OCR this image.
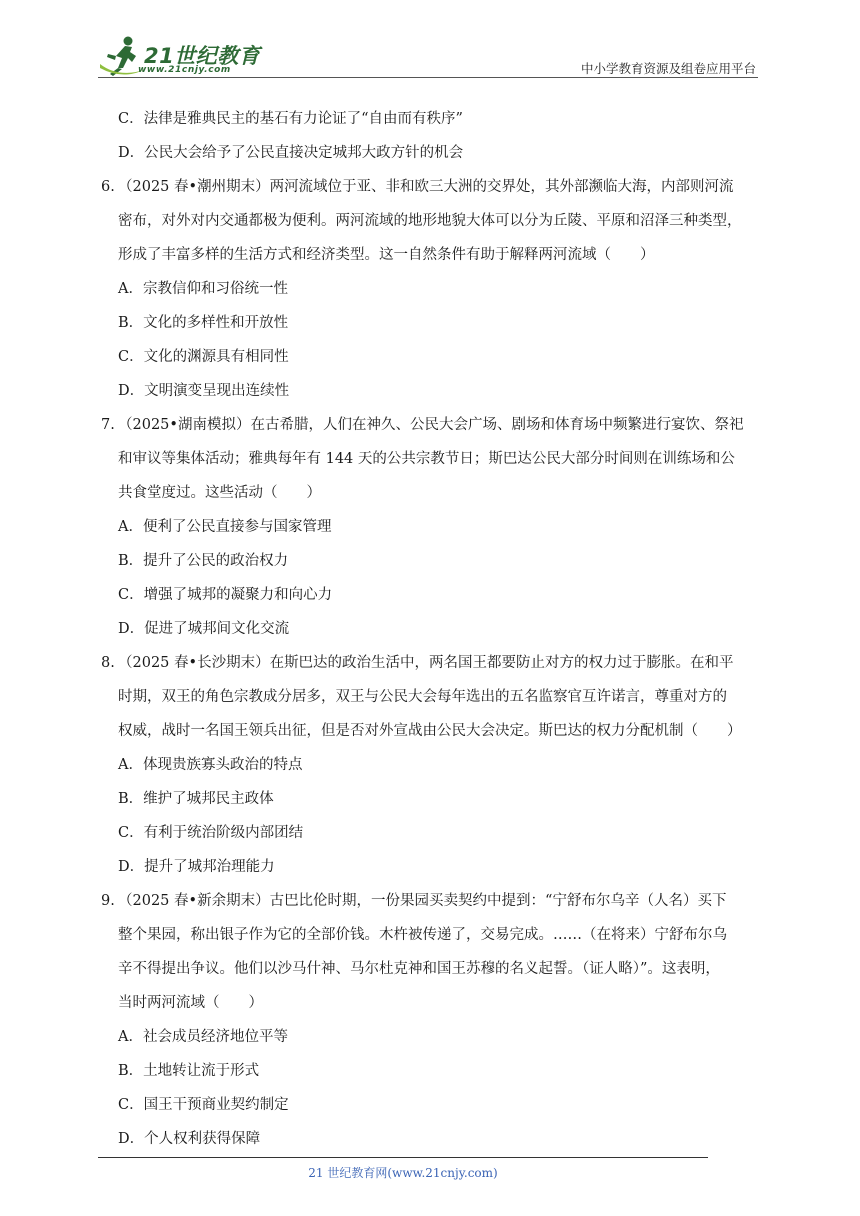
21世纪教育
www.21cnjy.com	中小学教育资源及组卷应用平台
C．法律是雅典民主的基石有力论证了“自由而有秩序”
D．公民大会给予了公民直接决定城邦大政方针的机会
6. （2025 春•潮州期末）两河流域位于亚、非和欧三大洲的交界处，其外部濒临大海，内部则河流
密布，对外对内交通都极为便利。两河流域的地形地貌大体可以分为丘陵、平原和沼泽三种类型，
形成了丰富多样的生活方式和经济类型。这一自然条件有助于解释两河流域（　　）
A．宗教信仰和习俗统一性
B．文化的多样性和开放性
C．文化的渊源具有相同性
D．文明演变呈现出连续性
7. （2025•湖南模拟）在古希腊，人们在神久、公民大会广场、剧场和体育场中频繁进行宴饮、祭祀
和审议等集体活动；雅典每年有 144 天的公共宗教节日；斯巴达公民大部分时间则在训练场和公
共食堂度过。这些活动（　　）
A．便利了公民直接参与国家管理
B．提升了公民的政治权力
C．增强了城邦的凝聚力和向心力
D．促进了城邦间文化交流
8. （2025 春•长沙期末）在斯巴达的政治生活中，两名国王都要防止对方的权力过于膨胀。在和平
时期，双王的角色宗教成分居多，双王与公民大会每年选出的五名监察官互许诺言，尊重对方的
权威，战时一名国王领兵出征，但是否对外宣战由公民大会决定。斯巴达的权力分配机制（　　）
A．体现贵族寡头政治的特点
B．维护了城邦民主政体
C．有利于统治阶级内部团结
D．提升了城邦治理能力
9. （2025 春•新余期末）古巴比伦时期，一份果园买卖契约中提到：“宁舒布尔乌辛（人名）买下
整个果园，称出银子作为它的全部价钱。木杵被传递了，交易完成。……（在将来）宁舒布尔乌
辛不得提出争议。他们以沙马什神、马尔杜克神和国王苏穆的名义起誓。（证人略）”。这表明，
当时两河流域（　　）
A．社会成员经济地位平等
B．土地转让流于形式
C．国王干预商业契约制定
D．个人权利获得保障
21 世纪教育网(www.21cnjy.com)
